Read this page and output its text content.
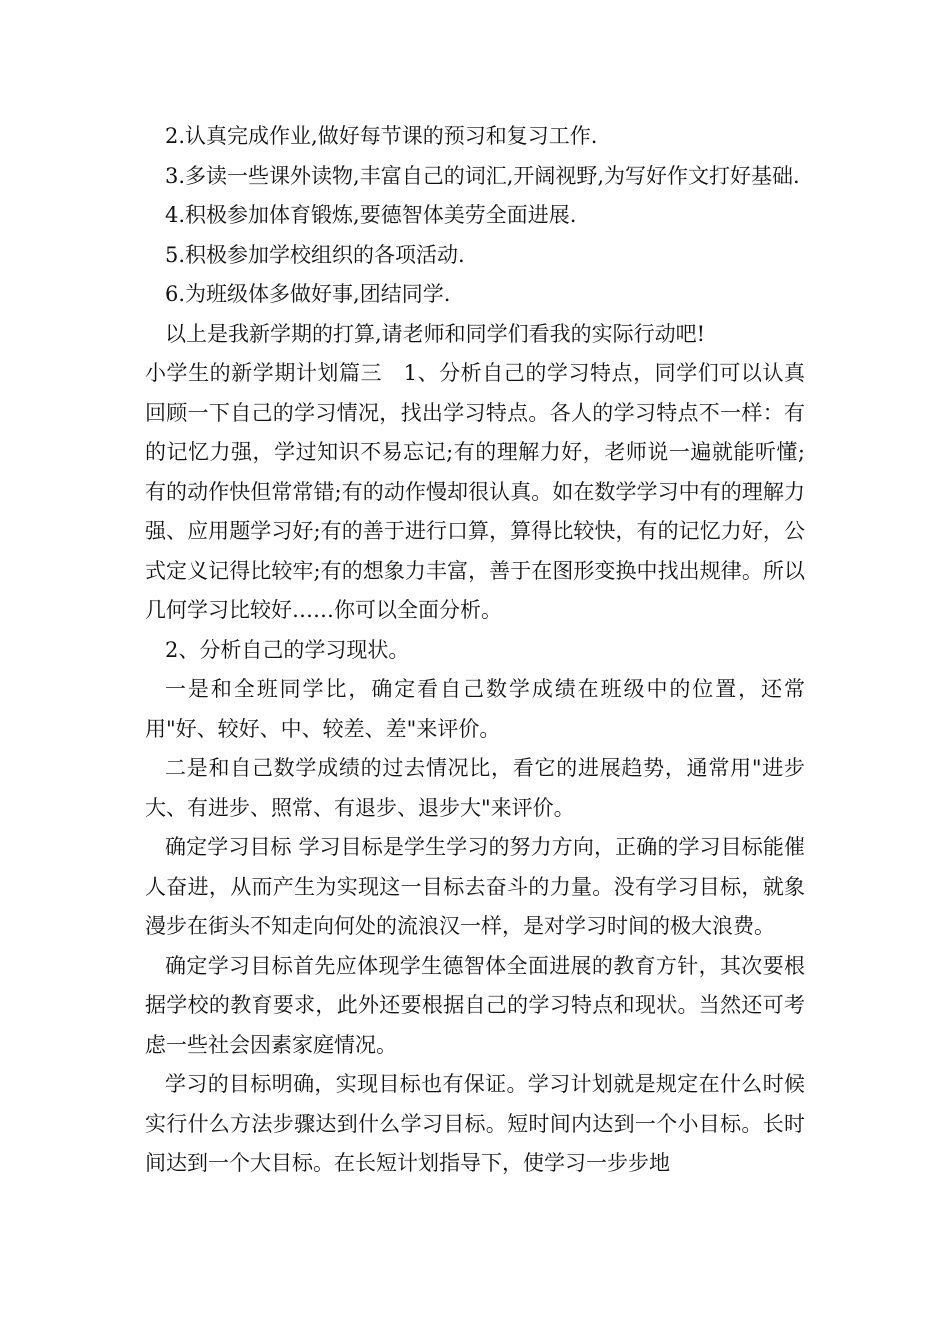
2.认真完成作业,做好每节课的预习和复习工作.

3.多读一些课外读物,丰富自己的词汇,开阔视野,为写好作文打好基础.

4.积极参加体育锻炼,要德智体美劳全面进展.

5.积极参加学校组织的各项活动.

6.为班级体多做好事,团结同学.

以上是我新学期的打算,请老师和同学们看我的实际行动吧!

小学生的新学期计划篇三　1、分析自己的学习特点，同学们可以认真回顾一下自己的学习情况，找出学习特点。各人的学习特点不一样：有的记忆力强，学过知识不易忘记;有的理解力好，老师说一遍就能听懂;有的动作快但常常错;有的动作慢却很认真。如在数学学习中有的理解力强、应用题学习好;有的善于进行口算，算得比较快，有的记忆力好，公式定义记得比较牢;有的想象力丰富，善于在图形变换中找出规律。所以几何学习比较好……你可以全面分析。

2、分析自己的学习现状。

一是和全班同学比，确定看自己数学成绩在班级中的位置，还常用"好、较好、中、较差、差"来评价。

二是和自己数学成绩的过去情况比，看它的进展趋势，通常用"进步大、有进步、照常、有退步、退步大"来评价。

确定学习目标 学习目标是学生学习的努力方向，正确的学习目标能催人奋进，从而产生为实现这一目标去奋斗的力量。没有学习目标，就象漫步在街头不知走向何处的流浪汉一样，是对学习时间的极大浪费。

确定学习目标首先应体现学生德智体全面进展的教育方针，其次要根据学校的教育要求，此外还要根据自己的学习特点和现状。当然还可考虑一些社会因素家庭情况。

学习的目标明确，实现目标也有保证。学习计划就是规定在什么时候实行什么方法步骤达到什么学习目标。短时间内达到一个小目标。长时间达到一个大目标。在长短计划指导下，使学习一步步地
